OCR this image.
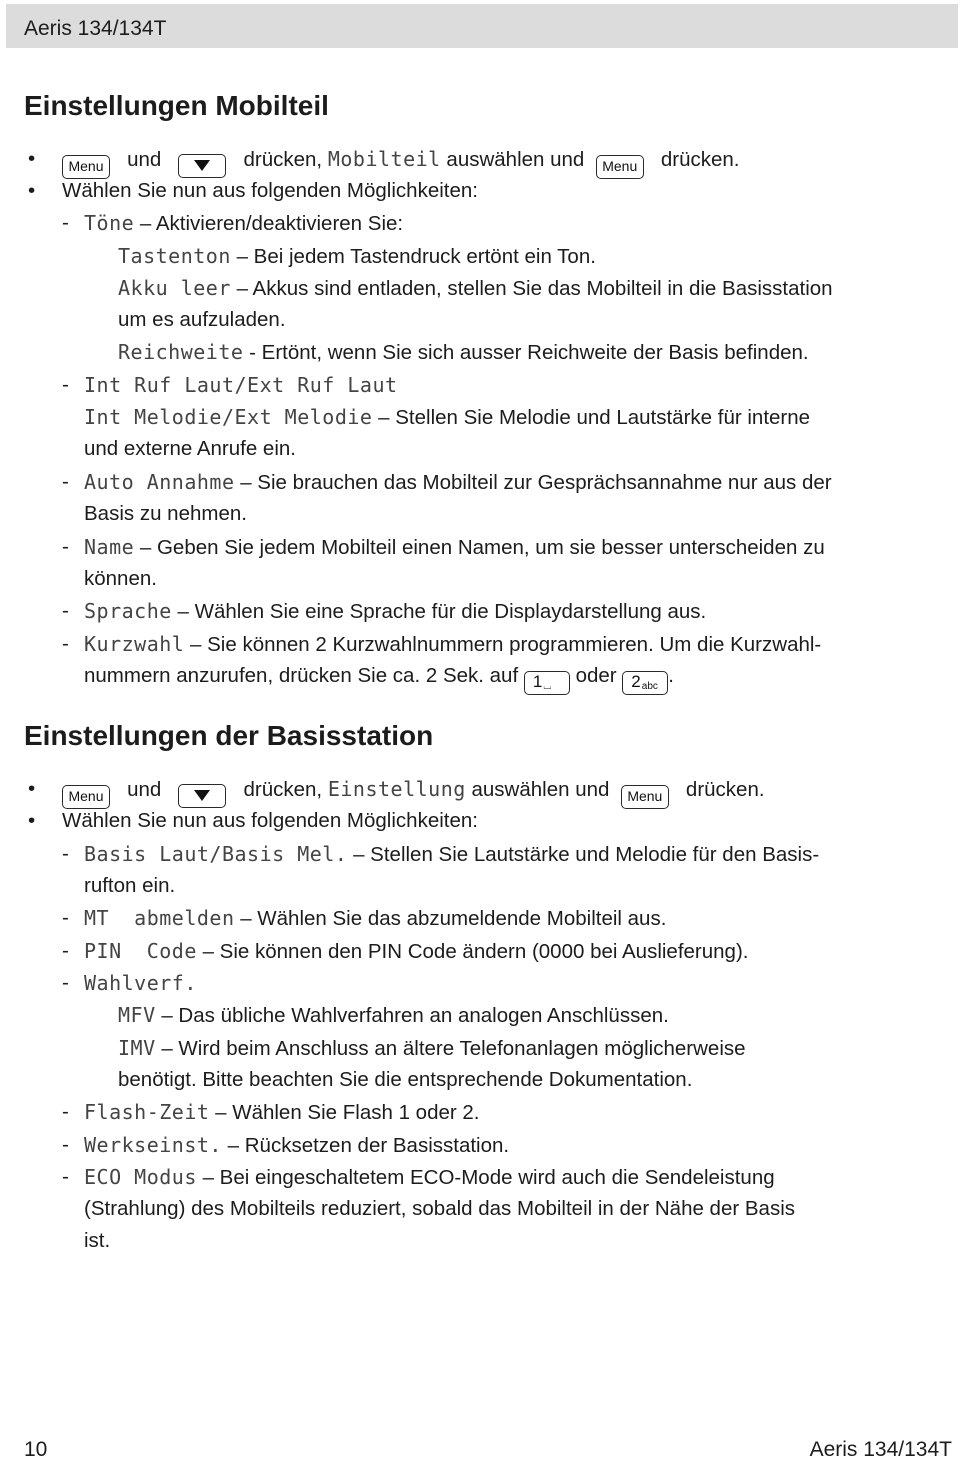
Aeris 134/134T
Einstellungen Mobilteil
•	Menu und	drücken, Mobilteil auswählen und Menu drücken.
• Wählen Sie nun aus folgenden Möglichkeiten:
- Töne – Aktivieren/deaktivieren Sie:
Tastenton – Bei jedem Tastendruck ertönt ein Ton.
Akku leer – Akkus sind entladen, stellen Sie das Mobilteil in die Basisstation
um es aufzuladen.
Reichweite - Ertönt, wenn Sie sich ausser Reichweite der Basis befinden.
- Int Ruf Laut/Ext Ruf Laut
Int Melodie/Ext Melodie – Stellen Sie Melodie und Lautstärke für interne
und externe Anrufe ein.
- Auto Annahme – Sie brauchen das Mobilteil zur Gesprächsannahme nur aus der
Basis zu nehmen.
- Name – Geben Sie jedem Mobilteil einen Namen, um sie besser unterscheiden zu
können.
- Sprache – Wählen Sie eine Sprache für die Displaydarstellung aus.
- Kurzwahl – Sie können 2 Kurzwahlnummern programmieren. Um die Kurzwahl-
nummern anzurufen, drücken Sie ca. 2 Sek. auf 1⌴ oder 2abc .
Einstellungen der Basisstation
•	Menu und	drücken, Einstellung auswählen und Menu drücken.
• Wählen Sie nun aus folgenden Möglichkeiten:
- Basis Laut/Basis Mel. – Stellen Sie Lautstärke und Melodie für den Basis-
rufton ein.
- MT  abmelden – Wählen Sie das abzumeldende Mobilteil aus.
- PIN  Code – Sie können den PIN Code ändern (0000 bei Auslieferung).
- Wahlverf.
MFV – Das übliche Wahlverfahren an analogen Anschlüssen.
IMV – Wird beim Anschluss an ältere Telefonanlagen möglicherweise
benötigt. Bitte beachten Sie die entsprechende Dokumentation.
- Flash-Zeit – Wählen Sie Flash 1 oder 2.
- Werkseinst. – Rücksetzen der Basisstation.
- ECO Modus – Bei eingeschaltetem ECO-Mode wird auch die Sendeleistung
(Strahlung) des Mobilteils reduziert, sobald das Mobilteil in der Nähe der Basis
ist.
10	Aeris 134/134T
